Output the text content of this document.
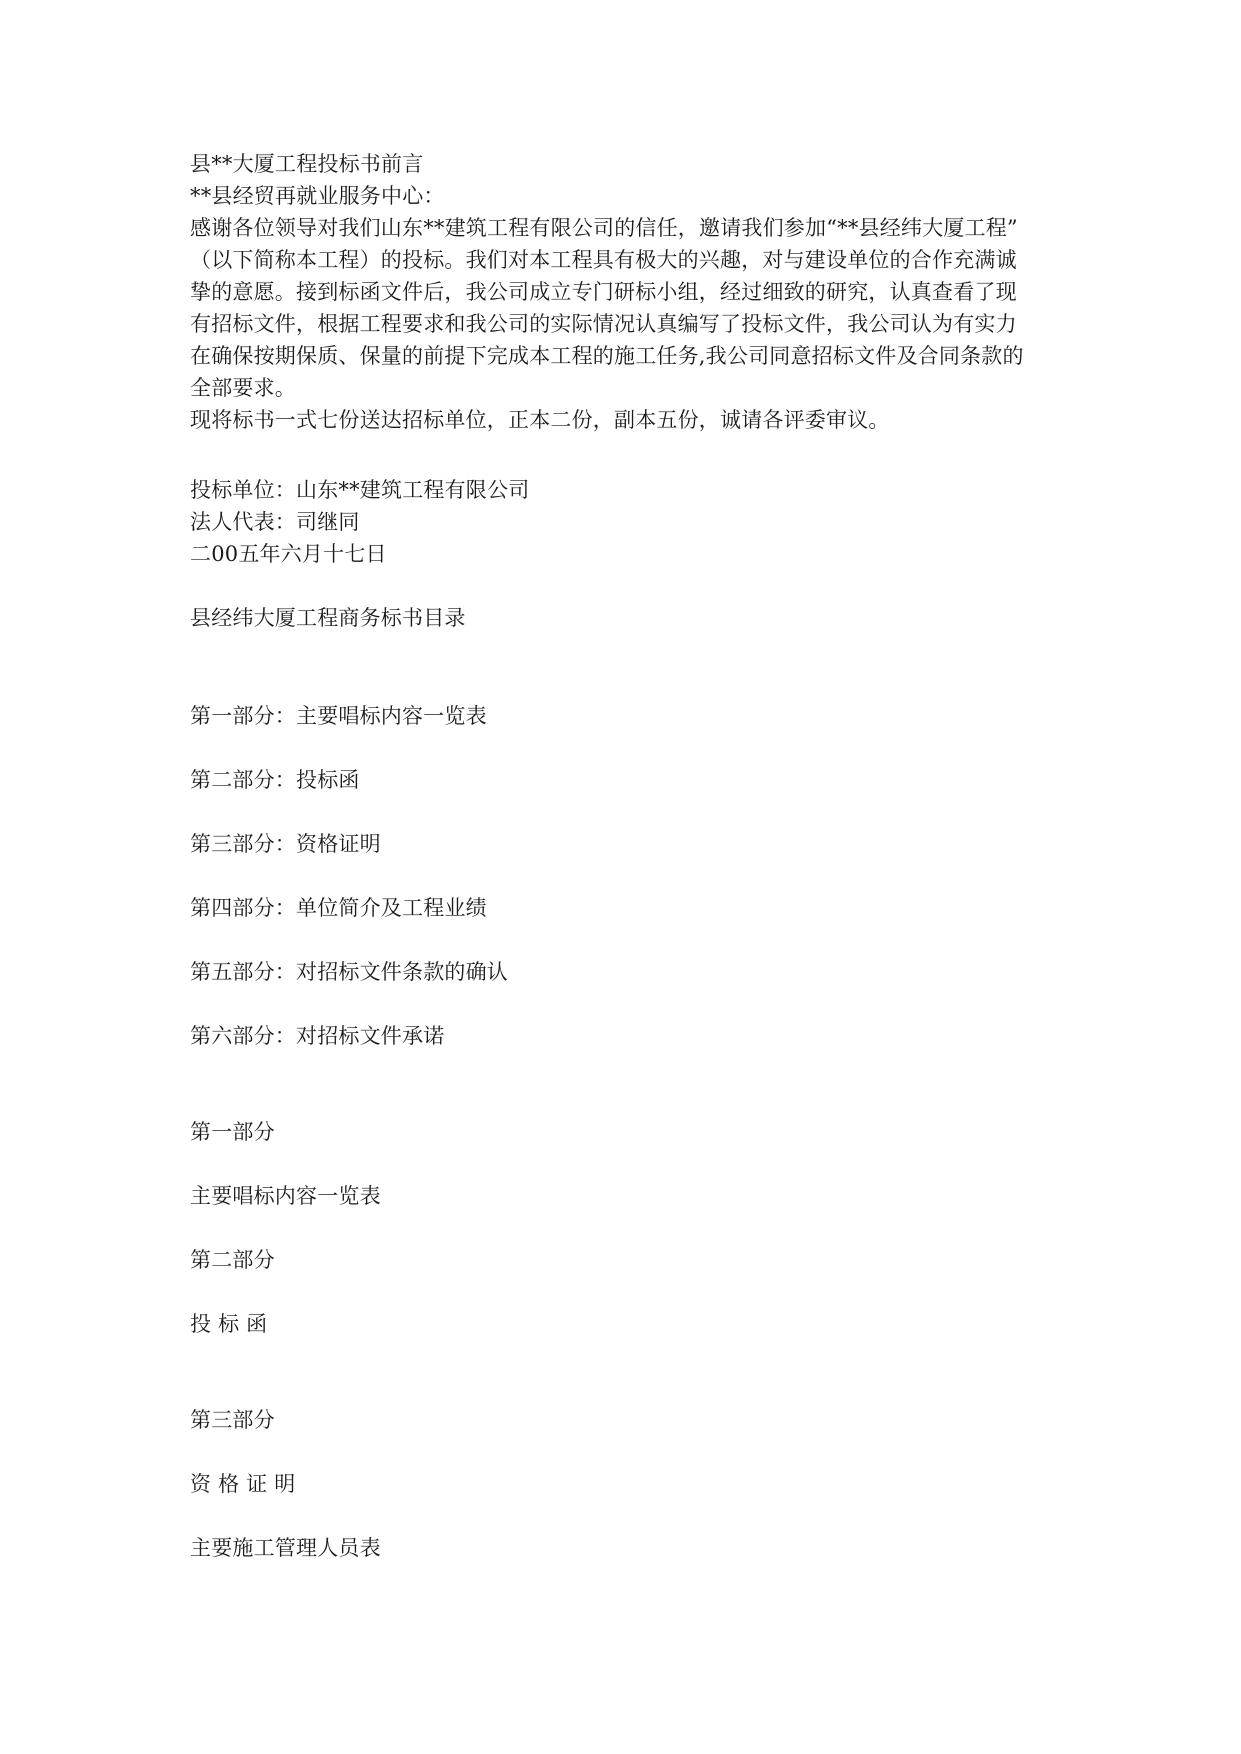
县**大厦工程投标书前言
**县经贸再就业服务中心：
感谢各位领导对我们山东**建筑工程有限公司的信任，邀请我们参加“**县经纬大厦工程”
（以下简称本工程）的投标。我们对本工程具有极大的兴趣，对与建设单位的合作充满诚
挚的意愿。接到标函文件后，我公司成立专门研标小组，经过细致的研究，认真查看了现
有招标文件，根据工程要求和我公司的实际情况认真编写了投标文件，我公司认为有实力
在确保按期保质、保量的前提下完成本工程的施工任务,我公司同意招标文件及合同条款的
全部要求。
现将标书一式七份送达招标单位，正本二份，副本五份，诚请各评委审议。
投标单位：山东**建筑工程有限公司
法人代表：司继同
二00五年六月十七日
县经纬大厦工程商务标书目录
第一部分：主要唱标内容一览表
第二部分：投标函
第三部分：资格证明
第四部分：单位简介及工程业绩
第五部分：对招标文件条款的确认
第六部分：对招标文件承诺
第一部分
主要唱标内容一览表
第二部分
投 标 函
第三部分
资 格 证 明
主要施工管理人员表
